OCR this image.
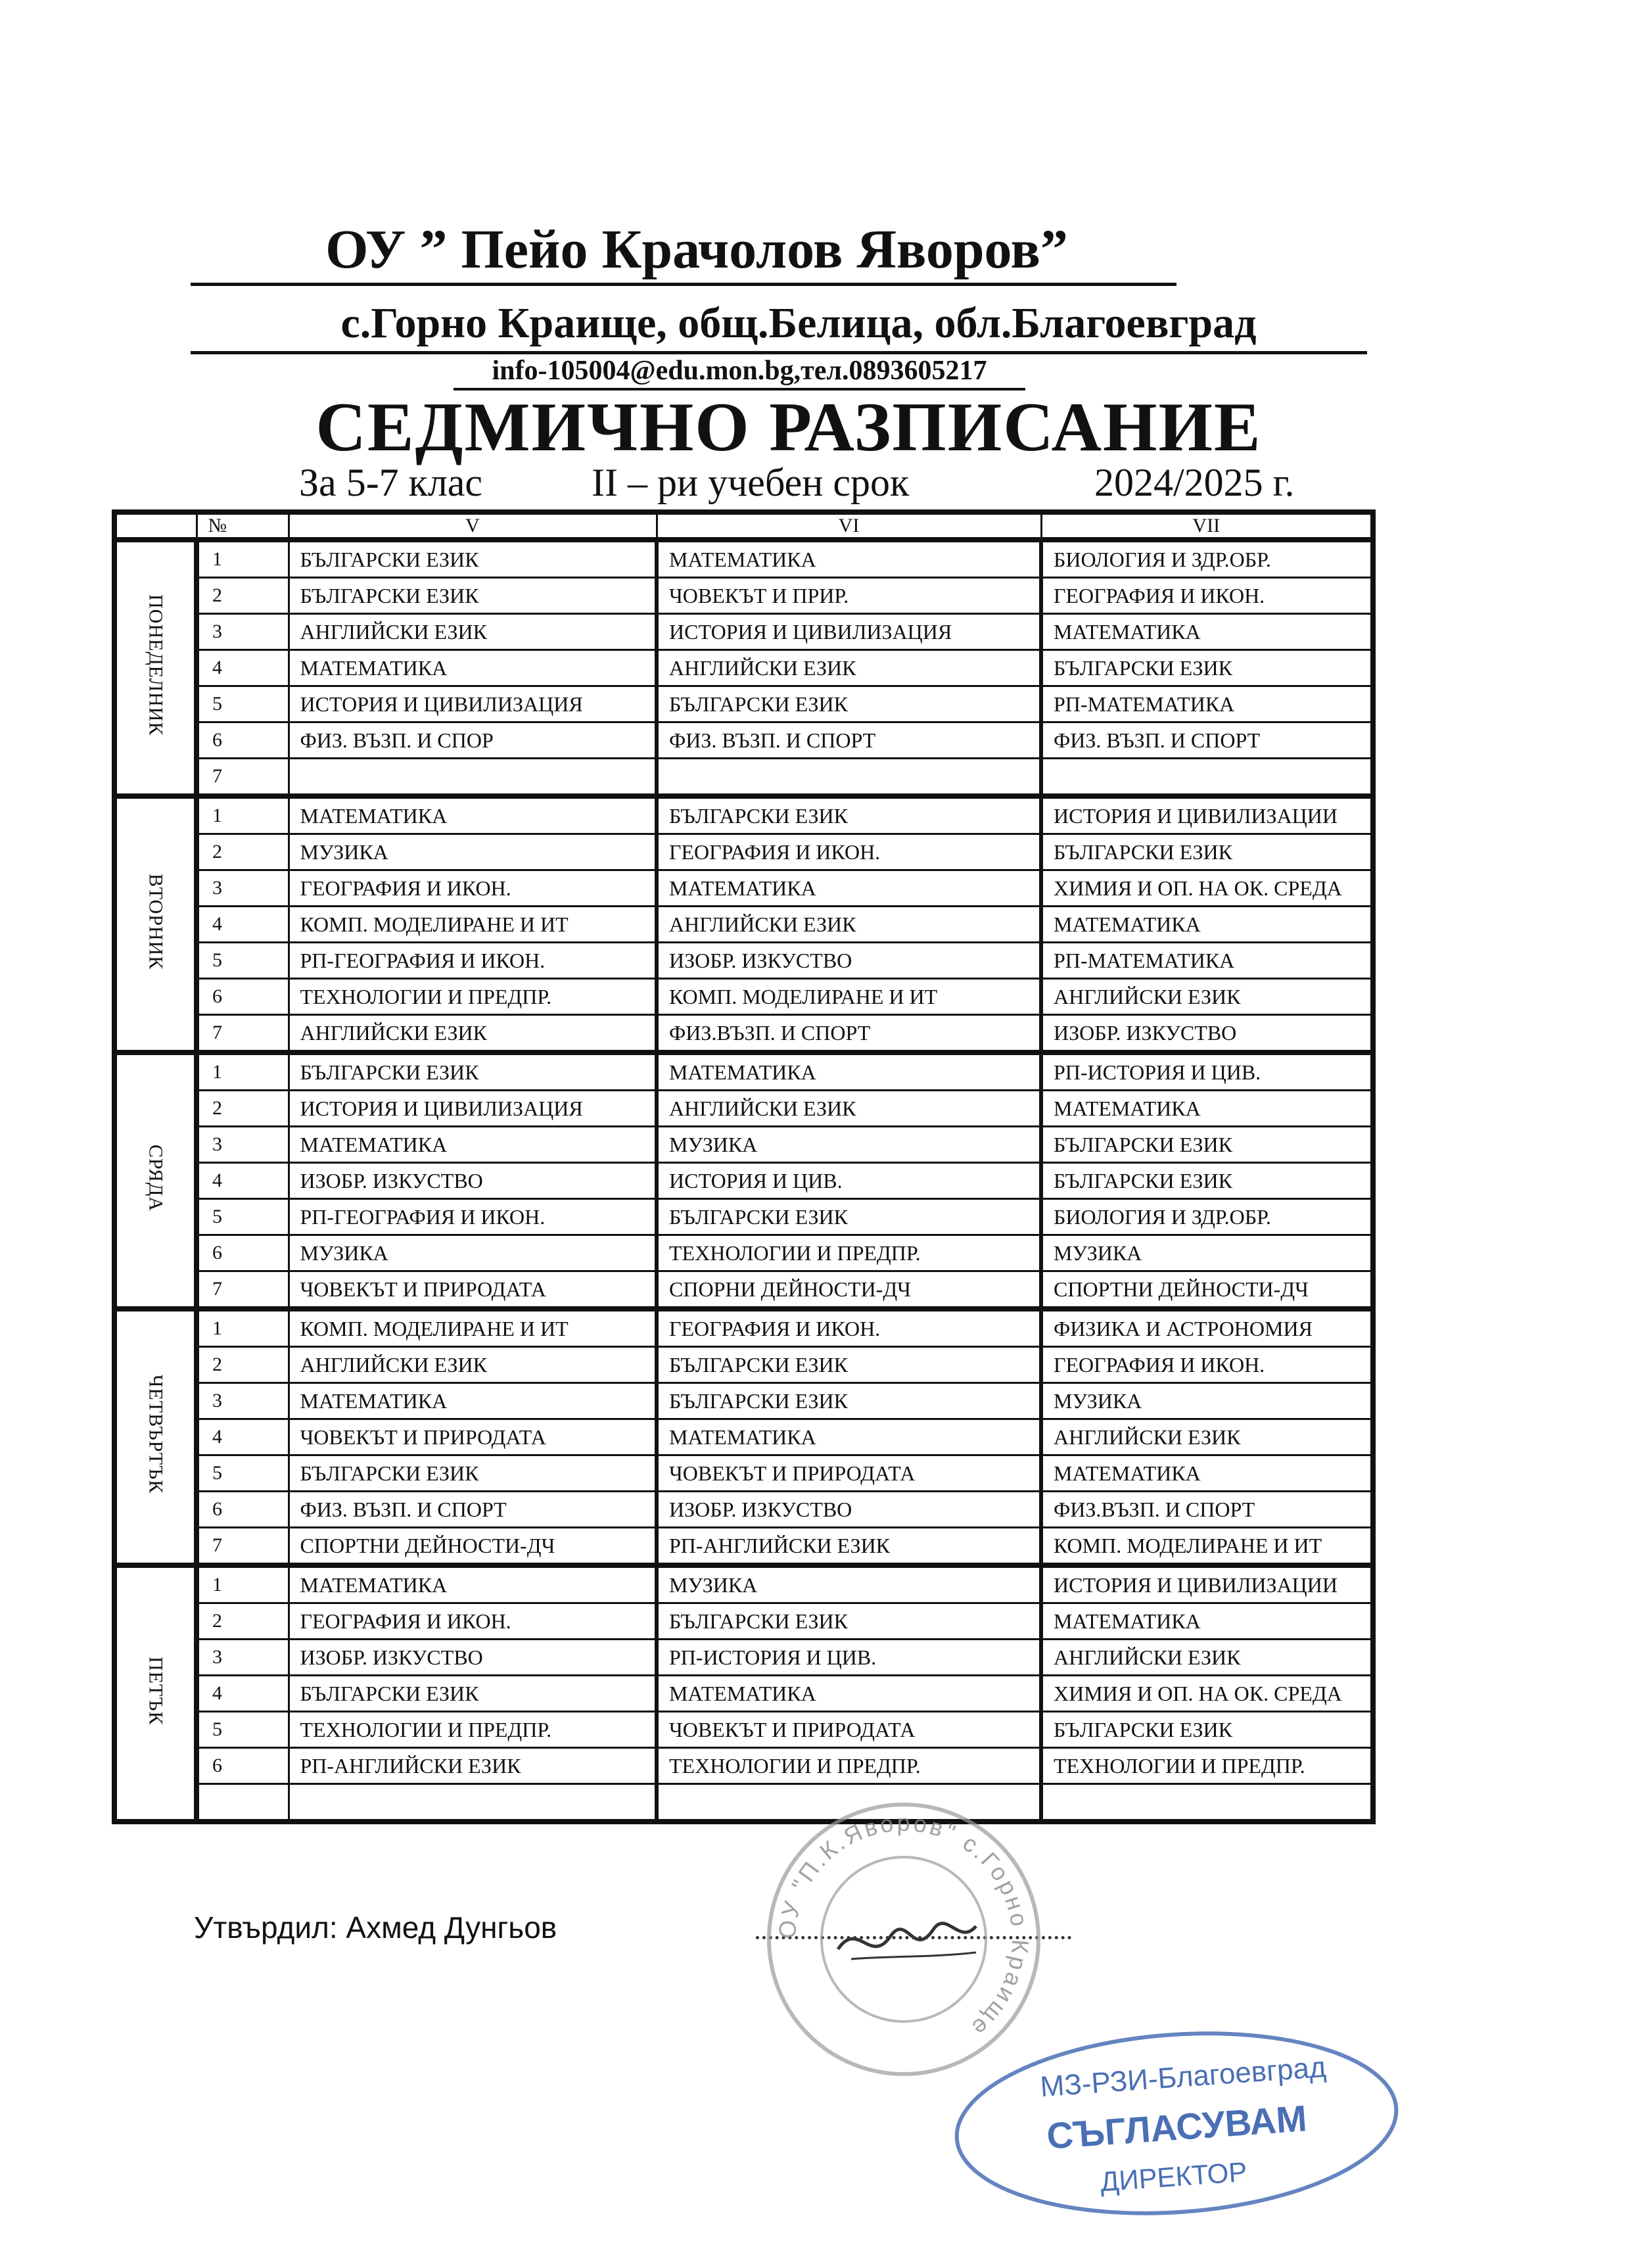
ОУ ” Пейо Крачолов Яворов”
с.Горно Краище, общ.Белица, обл.Благоевград
info-105004@edu.mon.bg,тел.0893605217
СЕДМИЧНО РАЗПИСАНИЕ
За 5-7 клас	II – ри учебен срок	2024/2025 г.
	№	V	VI	VII
ПОНЕДЕЛНИК	1	БЪЛГАРСКИ ЕЗИК	МАТЕМАТИКА	БИОЛОГИЯ И ЗДР.ОБР.
	2	БЪЛГАРСКИ ЕЗИК	ЧОВЕКЪТ И ПРИР.	ГЕОГРАФИЯ И ИКОН.
	3	АНГЛИЙСКИ ЕЗИК	ИСТОРИЯ И ЦИВИЛИЗАЦИЯ	МАТЕМАТИКА
	4	МАТЕМАТИКА	АНГЛИЙСКИ ЕЗИК	БЪЛГАРСКИ ЕЗИК
	5	ИСТОРИЯ И ЦИВИЛИЗАЦИЯ	БЪЛГАРСКИ ЕЗИК	РП-МАТЕМАТИКА
	6	ФИЗ. ВЪЗП. И СПОР	ФИЗ. ВЪЗП. И СПОРТ	ФИЗ. ВЪЗП. И СПОРТ
	7			
ВТОРНИК	1	МАТЕМАТИКА	БЪЛГАРСКИ ЕЗИК	ИСТОРИЯ И ЦИВИЛИЗАЦИИ
	2	МУЗИКА	ГЕОГРАФИЯ И ИКОН.	БЪЛГАРСКИ ЕЗИК
	3	ГЕОГРАФИЯ И ИКОН.	МАТЕМАТИКА	ХИМИЯ И ОП. НА ОК. СРЕДА
	4	КОМП. МОДЕЛИРАНЕ И ИТ	АНГЛИЙСКИ ЕЗИК	МАТЕМАТИКА
	5	РП-ГЕОГРАФИЯ И ИКОН.	ИЗОБР. ИЗКУСТВО	РП-МАТЕМАТИКА
	6	ТЕХНОЛОГИИ И ПРЕДПР.	КОМП. МОДЕЛИРАНЕ И ИТ	АНГЛИЙСКИ ЕЗИК
	7	АНГЛИЙСКИ ЕЗИК	ФИЗ.ВЪЗП. И СПОРТ	ИЗОБР. ИЗКУСТВО
СРЯДА	1	БЪЛГАРСКИ ЕЗИК	МАТЕМАТИКА	РП-ИСТОРИЯ И ЦИВ.
	2	ИСТОРИЯ И ЦИВИЛИЗАЦИЯ	АНГЛИЙСКИ ЕЗИК	МАТЕМАТИКА
	3	МАТЕМАТИКА	МУЗИКА	БЪЛГАРСКИ ЕЗИК
	4	ИЗОБР. ИЗКУСТВО	ИСТОРИЯ И ЦИВ.	БЪЛГАРСКИ ЕЗИК
	5	РП-ГЕОГРАФИЯ И ИКОН.	БЪЛГАРСКИ ЕЗИК	БИОЛОГИЯ И ЗДР.ОБР.
	6	МУЗИКА	ТЕХНОЛОГИИ И ПРЕДПР.	МУЗИКА
	7	ЧОВЕКЪТ И ПРИРОДАТА	СПОРНИ ДЕЙНОСТИ-ДЧ	СПОРТНИ ДЕЙНОСТИ-ДЧ
ЧЕТВЪРТЪК	1	КОМП. МОДЕЛИРАНЕ И ИТ	ГЕОГРАФИЯ И ИКОН.	ФИЗИКА И АСТРОНОМИЯ
	2	АНГЛИЙСКИ ЕЗИК	БЪЛГАРСКИ ЕЗИК	ГЕОГРАФИЯ И ИКОН.
	3	МАТЕМАТИКА	БЪЛГАРСКИ ЕЗИК	МУЗИКА
	4	ЧОВЕКЪТ И ПРИРОДАТА	МАТЕМАТИКА	АНГЛИЙСКИ ЕЗИК
	5	БЪЛГАРСКИ ЕЗИК	ЧОВЕКЪТ И ПРИРОДАТА	МАТЕМАТИКА
	6	ФИЗ. ВЪЗП. И СПОРТ	ИЗОБР. ИЗКУСТВО	ФИЗ.ВЪЗП. И СПОРТ
	7	СПОРТНИ ДЕЙНОСТИ-ДЧ	РП-АНГЛИЙСКИ ЕЗИК	КОМП. МОДЕЛИРАНЕ И ИТ
ПЕТЪК	1	МАТЕМАТИКА	МУЗИКА	ИСТОРИЯ И ЦИВИЛИЗАЦИИ
	2	ГЕОГРАФИЯ И ИКОН.	БЪЛГАРСКИ ЕЗИК	МАТЕМАТИКА
	3	ИЗОБР. ИЗКУСТВО	РП-ИСТОРИЯ И ЦИВ.	АНГЛИЙСКИ ЕЗИК
	4	БЪЛГАРСКИ ЕЗИК	МАТЕМАТИКА	ХИМИЯ И ОП. НА ОК. СРЕДА
	5	ТЕХНОЛОГИИ И ПРЕДПР.	ЧОВЕКЪТ И ПРИРОДАТА	БЪЛГАРСКИ ЕЗИК
	6	РП-АНГЛИЙСКИ ЕЗИК	ТЕХНОЛОГИИ И ПРЕДПР.	ТЕХНОЛОГИИ И ПРЕДПР.

Утвърдил: Ахмед Дунгьов	ОУ "П.К.Яворов" с.Горно Краище
МЗ-РЗИ-Благоевград
СЪГЛАСУВАМ
ДИРЕКТОР
